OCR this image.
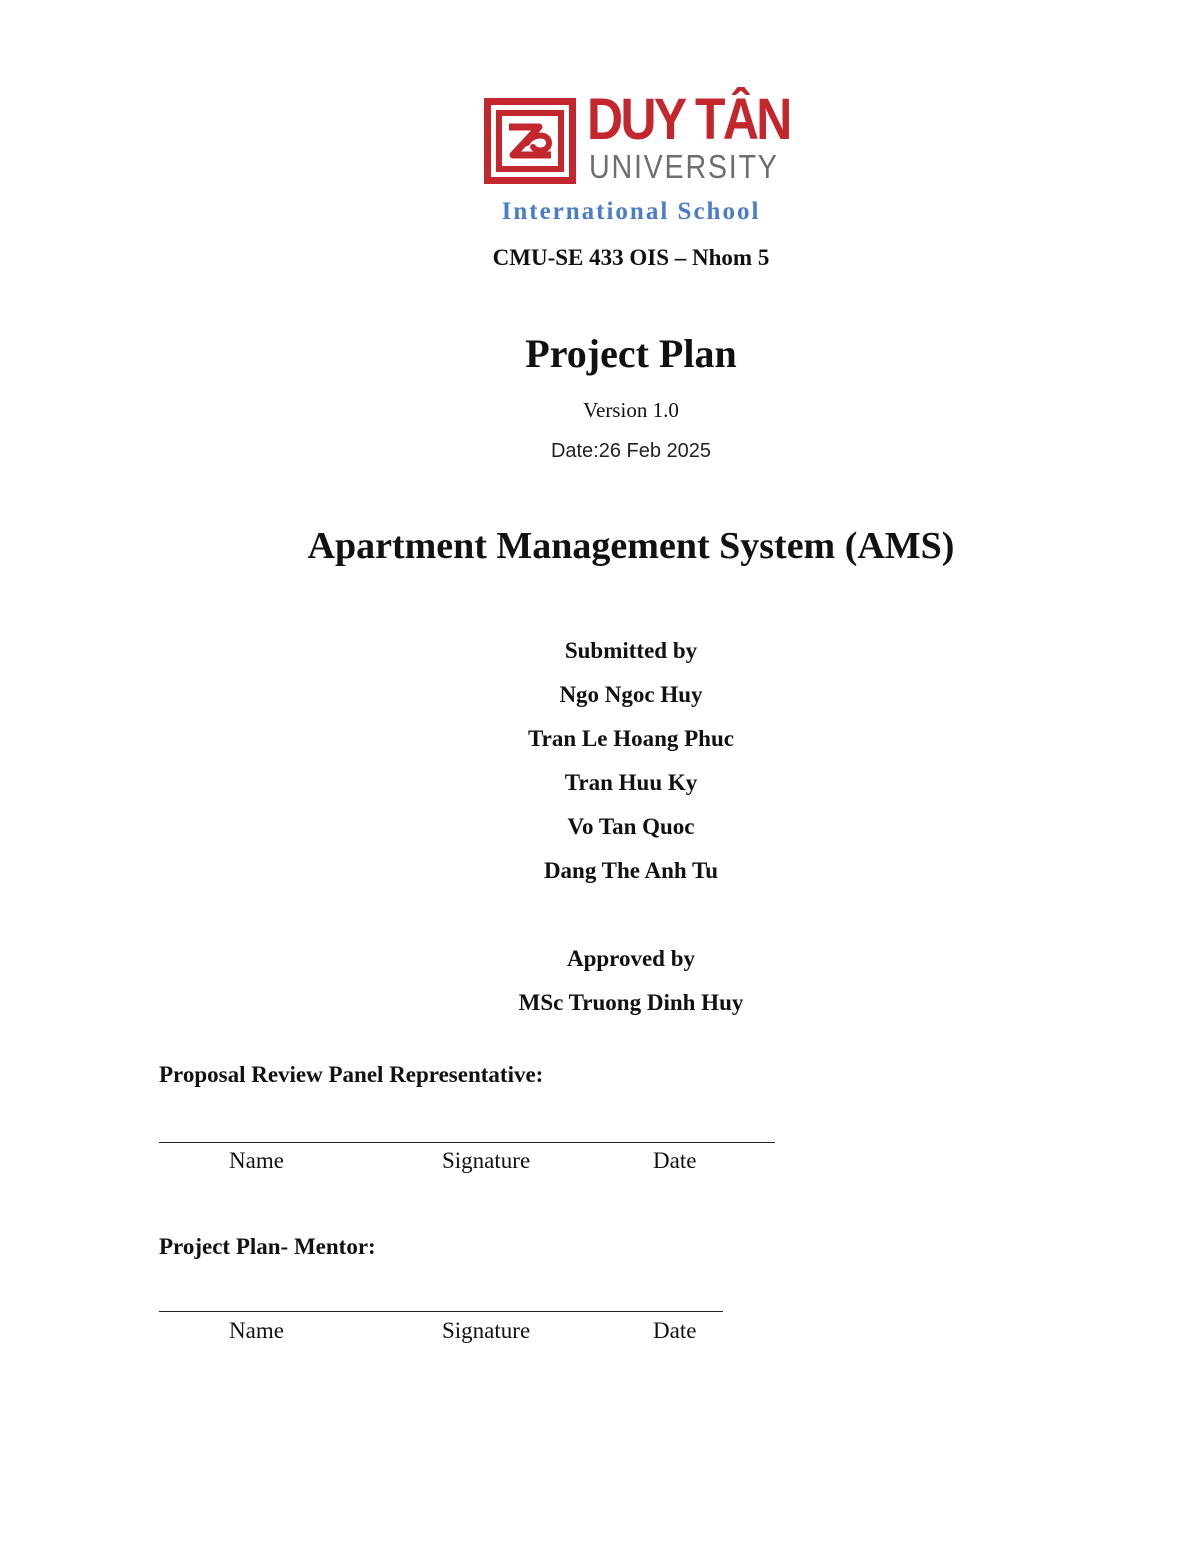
DUY TÂN
UNIVERSITY
International School
CMU-SE 433 OIS – Nhom 5
Project Plan
Version 1.0
Date:26 Feb 2025
Apartment Management System (AMS)
Submitted by
Ngo Ngoc Huy
Tran Le Hoang Phuc
Tran Huu Ky
Vo Tan Quoc
Dang The Anh Tu
Approved by
MSc Truong Dinh Huy
Proposal Review Panel Representative:
Name	Signature	Date
Project Plan- Mentor:
Name	Signature	Date
